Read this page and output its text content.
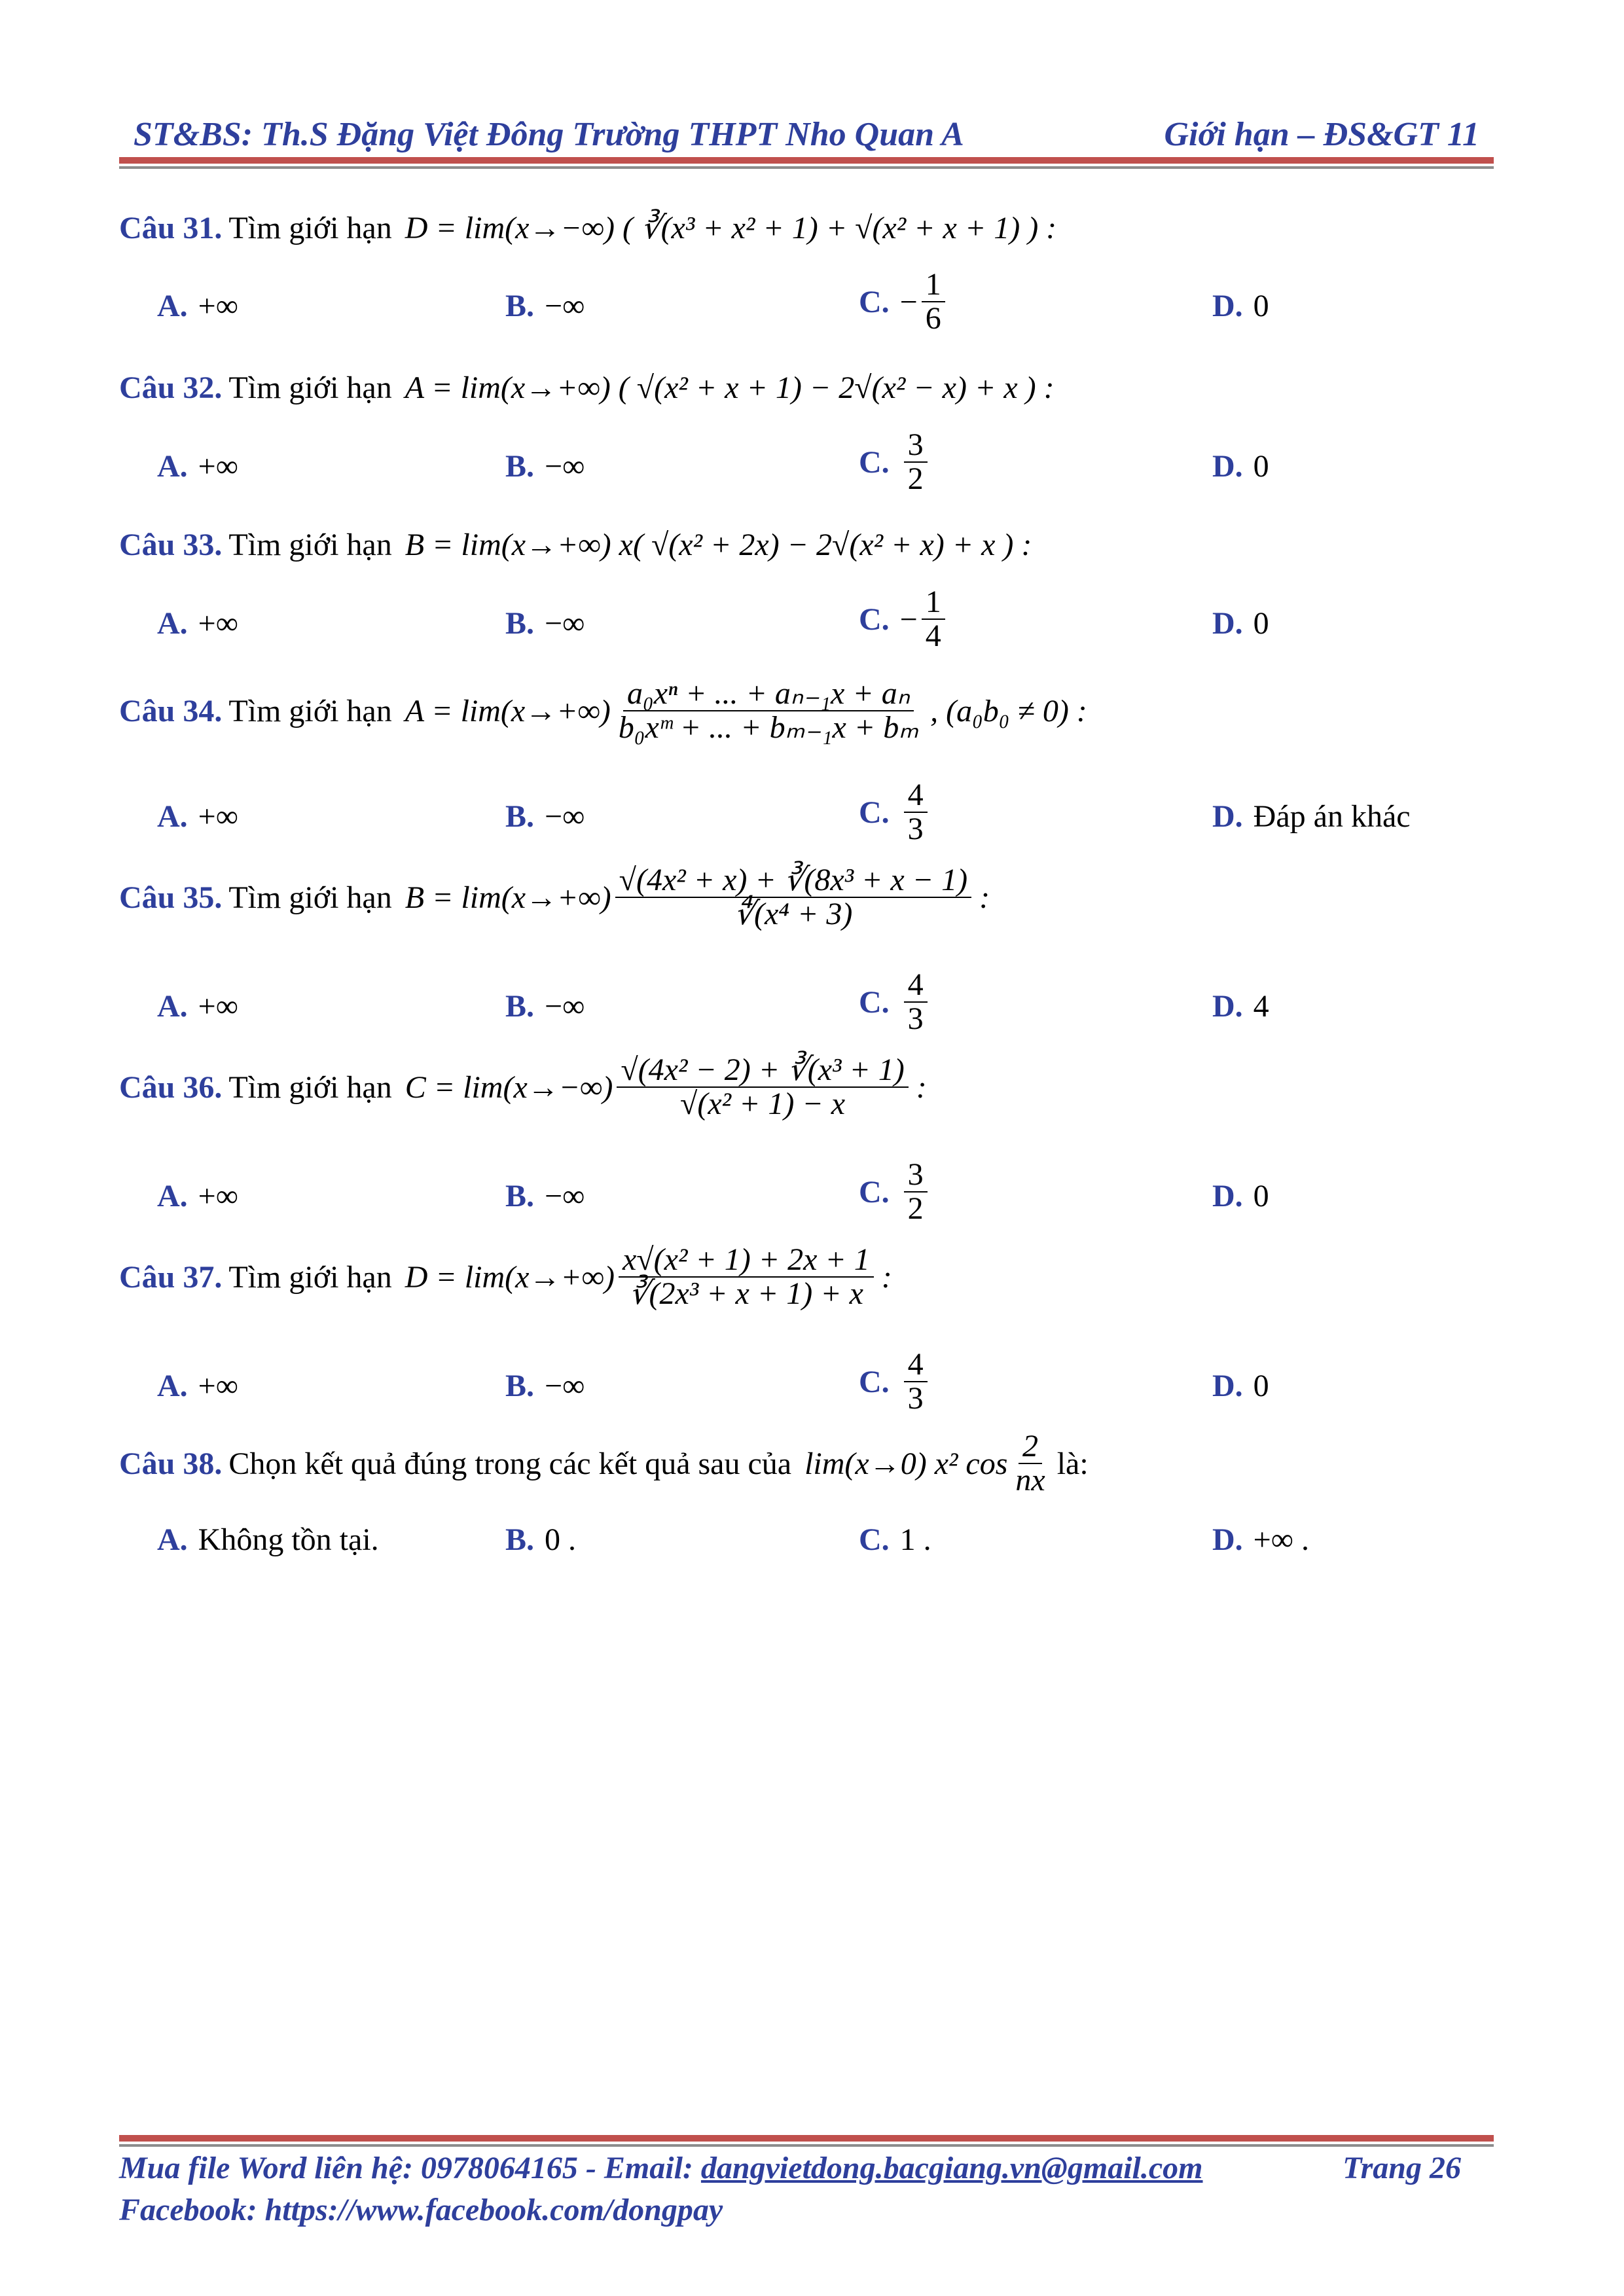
ST&BS: Th.S Đặng Việt Đông Trường THPT Nho Quan A	Giới hạn – ĐS&GT 11
Câu 31. Tìm giới hạn D = lim(x→−∞) ( ∛(x³ + x² + 1) + √(x² + x + 1) ) :
A. +∞	B. −∞	C. − $\frac{1}{6}$	D. 0
Câu 32. Tìm giới hạn A = lim(x→+∞) ( √(x² + x + 1) − 2√(x² − x) + x ) :
A. +∞	B. −∞	C. $\frac{3}{2}$	D. 0
Câu 33. Tìm giới hạn B = lim(x→+∞) x( √(x² + 2x) − 2√(x² + x) + x ) :
A. +∞	B. −∞	C. − $\frac{1}{4}$	D. 0
Câu 34. Tìm giới hạn $A = \lim(x\to+\infty) \frac{\text{a₀xⁿ + ... + aₙ₋₁x + aₙ}}{\text{b₀xᵐ + ... + bₘ₋₁x + bₘ}}$ , (a₀b₀ ≠ 0) :
A. +∞	B. −∞	C. $\frac{4}{3}$	D. Đáp án khác
Câu 35. Tìm giới hạn $B = \lim(x\to+\infty) \frac{\text{√(4x² + x) + ∛(8x³ + x − 1)}}{\text{∜(x⁴ + 3)}}$ :
A. +∞	B. −∞	C. $\frac{4}{3}$	D. 4
Câu 36. Tìm giới hạn $C = \lim(x\to-\infty) \frac{\text{√(4x² − 2) + ∛(x³ + 1)}}{\text{√(x² + 1) − x}}$ :
A. +∞	B. −∞	C. $\frac{3}{2}$	D. 0
Câu 37. Tìm giới hạn $D = \lim(x\to+\infty) \frac{\text{x√(x² + 1) + 2x + 1}}{\text{∛(2x³ + x + 1) + x}}$ :
A. +∞	B. −∞	C. $\frac{4}{3}$	D. 0
Câu 38. Chọn kết quả đúng trong các kết quả sau của lim(x→0) x² $\cos \frac{2}{nx}$ là:
A. Không tồn tại.	B. 0 .	C. 1 .	D. +∞ .
Mua file Word liên hệ: 0978064165 - Email: dangvietdong.bacgiang.vn@gmail.com	Trang 26
Facebook: https://www.facebook.com/dongpay
